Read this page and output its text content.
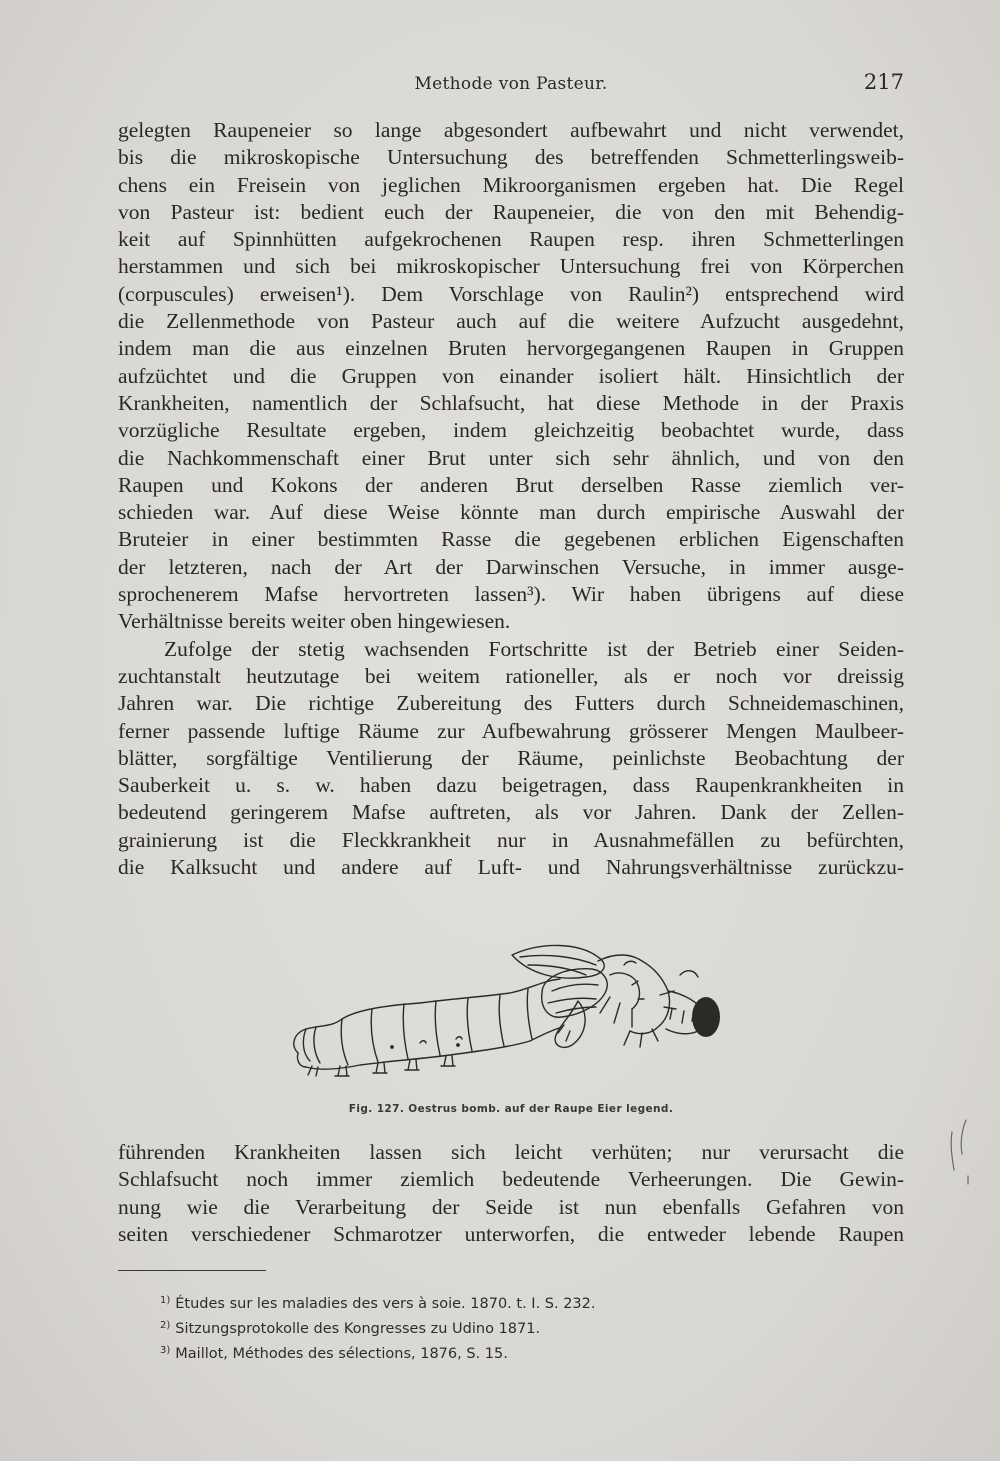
Methode von Pasteur.	217
gelegten Raupeneier so lange abgesondert aufbewahrt und nicht verwendet,
bis die mikroskopische Untersuchung des betreffenden Schmetterlingsweib-
chens ein Freisein von jeglichen Mikroorganismen ergeben hat. Die Regel
von Pasteur ist: bedient euch der Raupeneier, die von den mit Behendig-
keit auf Spinnhütten aufgekrochenen Raupen resp. ihren Schmetterlingen
herstammen und sich bei mikroskopischer Untersuchung frei von Körperchen
(corpuscules) erweisen¹). Dem Vorschlage von Raulin²) entsprechend wird
die Zellenmethode von Pasteur auch auf die weitere Aufzucht ausgedehnt,
indem man die aus einzelnen Bruten hervorgegangenen Raupen in Gruppen
aufzüchtet und die Gruppen von einander isoliert hält. Hinsichtlich der
Krankheiten, namentlich der Schlafsucht, hat diese Methode in der Praxis
vorzügliche Resultate ergeben, indem gleichzeitig beobachtet wurde, dass
die Nachkommenschaft einer Brut unter sich sehr ähnlich, und von den
Raupen und Kokons der anderen Brut derselben Rasse ziemlich ver-
schieden war. Auf diese Weise könnte man durch empirische Auswahl der
Bruteier in einer bestimmten Rasse die gegebenen erblichen Eigenschaften
der letzteren, nach der Art der Darwinschen Versuche, in immer ausge-
sprochenerem Mafse hervortreten lassen³). Wir haben übrigens auf diese
Verhältnisse bereits weiter oben hingewiesen.
Zufolge der stetig wachsenden Fortschritte ist der Betrieb einer Seiden-
zuchtanstalt heutzutage bei weitem rationeller, als er noch vor dreissig
Jahren war. Die richtige Zubereitung des Futters durch Schneidemaschinen,
ferner passende luftige Räume zur Aufbewahrung grösserer Mengen Maulbeer-
blätter, sorgfältige Ventilierung der Räume, peinlichste Beobachtung der
Sauberkeit u. s. w. haben dazu beigetragen, dass Raupenkrankheiten in
bedeutend geringerem Mafse auftreten, als vor Jahren. Dank der Zellen-
grainierung ist die Fleckkrankheit nur in Ausnahmefällen zu befürchten,
die Kalksucht und andere auf Luft- und Nahrungsverhältnisse zurückzu-
Fig. 127. Oestrus bomb. auf der Raupe Eier legend.
führenden Krankheiten lassen sich leicht verhüten; nur verursacht die
Schlafsucht noch immer ziemlich bedeutende Verheerungen. Die Gewin-
nung wie die Verarbeitung der Seide ist nun ebenfalls Gefahren von
seiten verschiedener Schmarotzer unterworfen, die entweder lebende Raupen
$^{1)}$ Études sur les maladies des vers à soie. 1870. t. I. S. 232.
$^{2)}$ Sitzungsprotokolle des Kongresses zu Udino 1871.
$^{3)}$ Maillot, Méthodes des sélections, 1876, S. 15.
